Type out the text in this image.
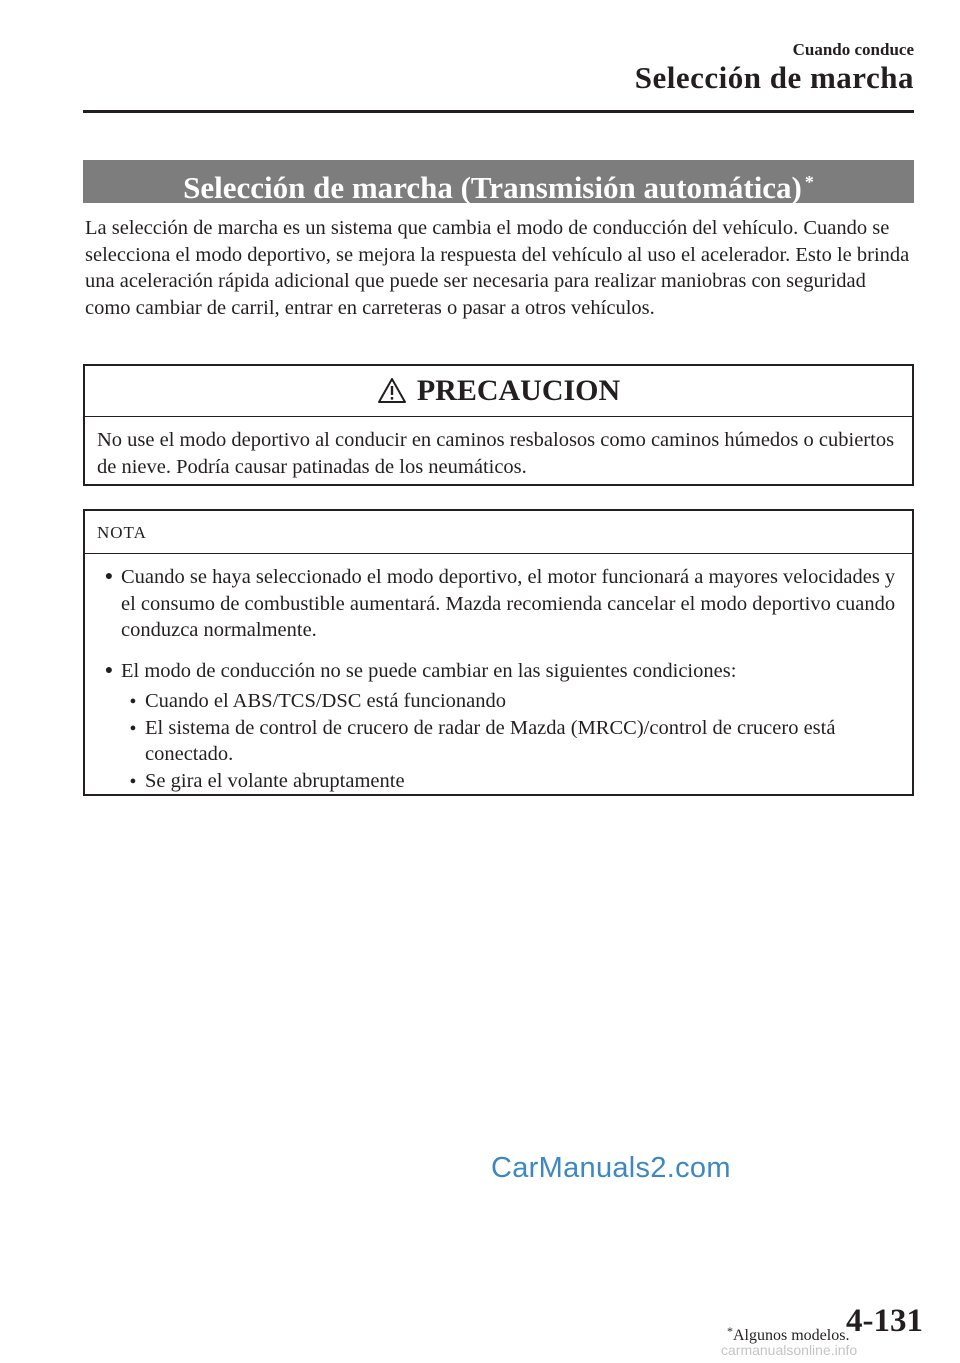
Cuando conduce
Selección de marcha
Selección de marcha (Transmisión automática) *
La selección de marcha es un sistema que cambia el modo de conducción del vehículo. Cuando se selecciona el modo deportivo, se mejora la respuesta del vehículo al uso el acelerador. Esto le brinda una aceleración rápida adicional que puede ser necesaria para realizar maniobras con seguridad como cambiar de carril, entrar en carreteras o pasar a otros vehículos.
PRECAUCION
No use el modo deportivo al conducir en caminos resbalosos como caminos húmedos o cubiertos de nieve. Podría causar patinadas de los neumáticos.
NOTA
● Cuando se haya seleccionado el modo deportivo, el motor funcionará a mayores velocidades y el consumo de combustible aumentará. Mazda recomienda cancelar el modo deportivo cuando conduzca normalmente.
● El modo de conducción no se puede cambiar en las siguientes condiciones:
● Cuando el ABS/TCS/DSC está funcionando
● El sistema de control de crucero de radar de Mazda (MRCC)/control de crucero está conectado.
● Se gira el volante abruptamente
CarManuals2.com
*Algunos modelos.
4-131
carmanualsonline.info
